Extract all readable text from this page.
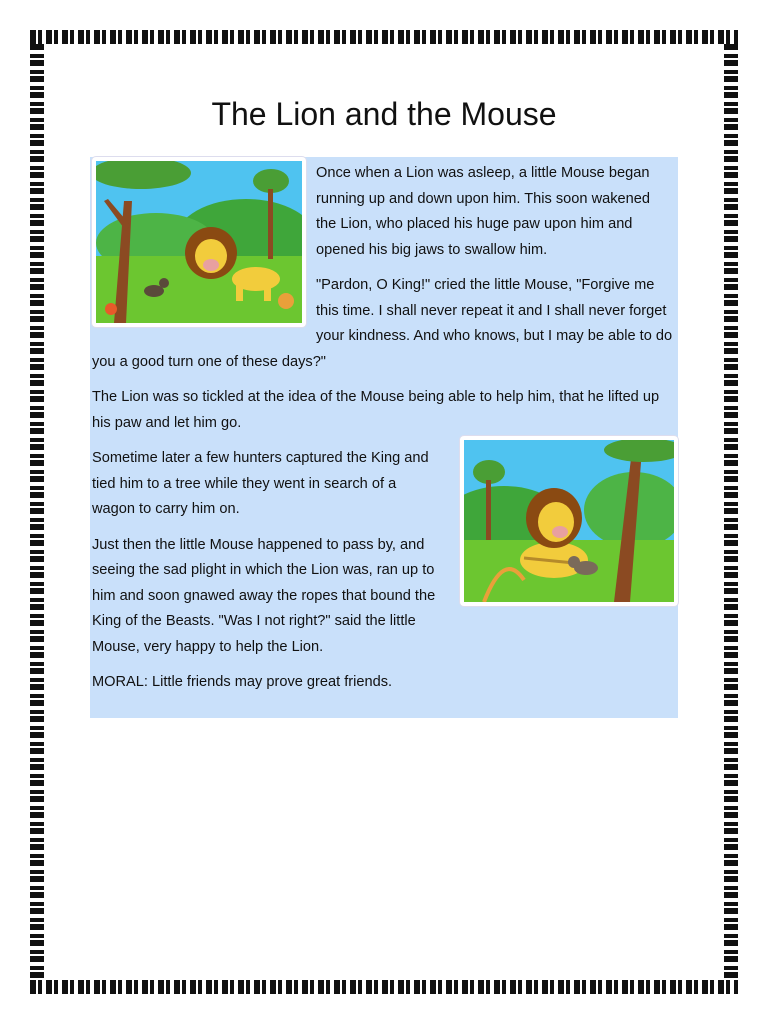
The Lion and the Mouse

Once when a Lion was asleep, a little Mouse began running up and down upon him. This soon wakened the Lion, who placed his huge paw upon him and opened his big jaws to swallow him.

"Pardon, O King!" cried the little Mouse, "Forgive me this time. I shall never repeat it and I shall never forget your kindness. And who knows, but I may be able to do you a good turn one of these days?"

The Lion was so tickled at the idea of the Mouse being able to help him, that he lifted up his paw and let him go.

Sometime later a few hunters captured the King and tied him to a tree while they went in search of a wagon to carry him on.

Just then the little Mouse happened to pass by, and seeing the sad plight in which the Lion was, ran up to him and soon gnawed away the ropes that bound the King of the Beasts. "Was I not right?" said the little Mouse, very happy to help the Lion.

MORAL: Little friends may prove great friends.
